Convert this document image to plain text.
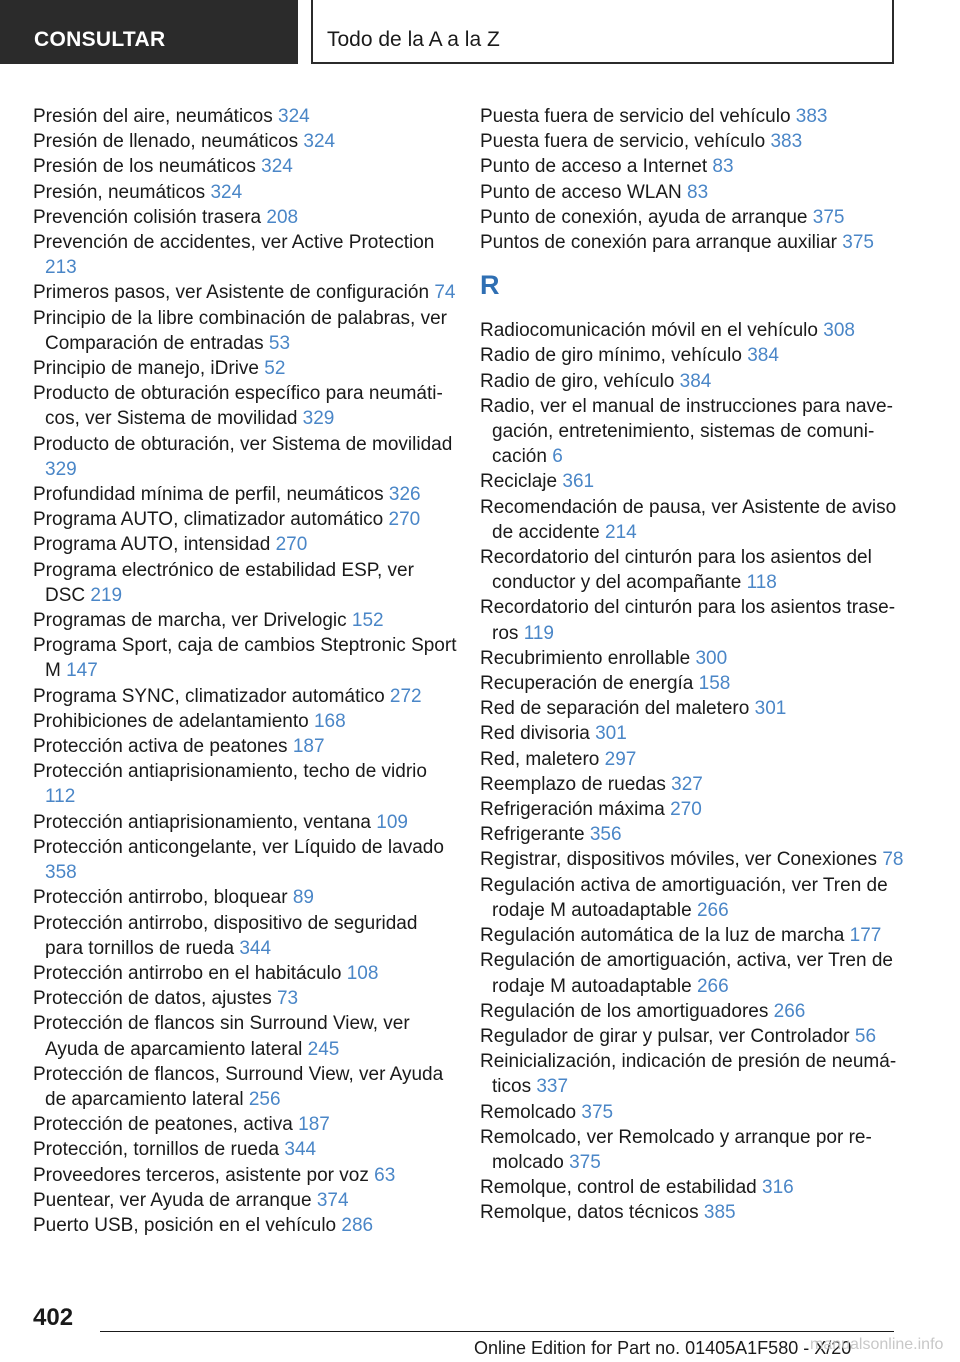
CONSULTAR	Todo de la A a la Z
Presión del aire, neumáticos 324
Presión de llenado, neumáticos 324
Presión de los neumáticos 324
Presión, neumáticos 324
Prevención colisión trasera 208
Prevención de accidentes, ver Active Protection 213
Primeros pasos, ver Asistente de configuración 74
Principio de la libre combinación de palabras, ver Comparación de entradas 53
Principio de manejo, iDrive 52
Producto de obturación específico para neumáticos, ver Sistema de movilidad 329
Producto de obturación, ver Sistema de movilidad 329
Profundidad mínima de perfil, neumáticos 326
Programa AUTO, climatizador automático 270
Programa AUTO, intensidad 270
Programa electrónico de estabilidad ESP, ver DSC 219
Programas de marcha, ver Drivelogic 152
Programa Sport, caja de cambios Steptronic Sport M 147
Programa SYNC, climatizador automático 272
Prohibiciones de adelantamiento 168
Protección activa de peatones 187
Protección antiaprisionamiento, techo de vidrio 112
Protección antiaprisionamiento, ventana 109
Protección anticongelante, ver Líquido de lavado 358
Protección antirrobo, bloquear 89
Protección antirrobo, dispositivo de seguridad para tornillos de rueda 344
Protección antirrobo en el habitáculo 108
Protección de datos, ajustes 73
Protección de flancos sin Surround View, ver Ayuda de aparcamiento lateral 245
Protección de flancos, Surround View, ver Ayuda de aparcamiento lateral 256
Protección de peatones, activa 187
Protección, tornillos de rueda 344
Proveedores terceros, asistente por voz 63
Puentear, ver Ayuda de arranque 374
Puerto USB, posición en el vehículo 286
Puesta fuera de servicio del vehículo 383
Puesta fuera de servicio, vehículo 383
Punto de acceso a Internet 83
Punto de acceso WLAN 83
Punto de conexión, ayuda de arranque 375
Puntos de conexión para arranque auxiliar 375
R
Radiocomunicación móvil en el vehículo 308
Radio de giro mínimo, vehículo 384
Radio de giro, vehículo 384
Radio, ver el manual de instrucciones para navegación, entretenimiento, sistemas de comunicación 6
Reciclaje 361
Recomendación de pausa, ver Asistente de aviso de accidente 214
Recordatorio del cinturón para los asientos del conductor y del acompañante 118
Recordatorio del cinturón para los asientos traseros 119
Recubrimiento enrollable 300
Recuperación de energía 158
Red de separación del maletero 301
Red divisoria 301
Red, maletero 297
Reemplazo de ruedas 327
Refrigeración máxima 270
Refrigerante 356
Registrar, dispositivos móviles, ver Conexiones 78
Regulación activa de amortiguación, ver Tren de rodaje M autoadaptable 266
Regulación automática de la luz de marcha 177
Regulación de amortiguación, activa, ver Tren de rodaje M autoadaptable 266
Regulación de los amortiguadores 266
Regulador de girar y pulsar, ver Controlador 56
Reinicialización, indicación de presión de neumáticos 337
Remolcado 375
Remolcado, ver Remolcado y arranque por remolcado 375
Remolque, control de estabilidad 316
Remolque, datos técnicos 385
402
Online Edition for Part no. 01405A1F580 - X/20
manualsonline.info
